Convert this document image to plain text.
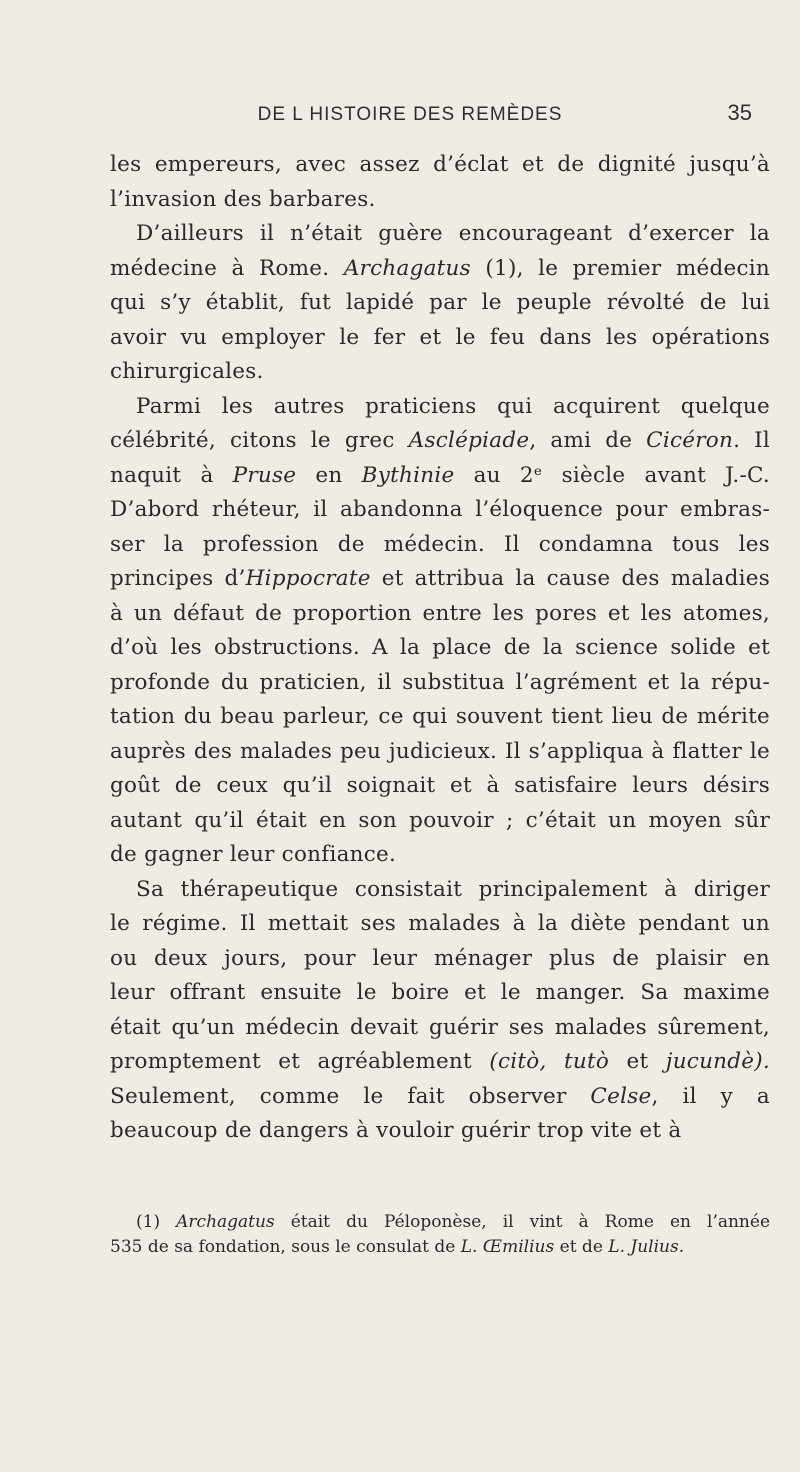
DE L HISTOIRE DES REMÈDES	35
les empereurs, avec assez d’éclat et de dignité jusqu’à
l’invasion des barbares.
D’ailleurs il n’était guère encourageant d’exercer la
médecine à Rome. Archagatus (1), le premier médecin
qui s’y établit, fut lapidé par le peuple révolté de lui
avoir vu employer le fer et le feu dans les opérations
chirurgicales.
Parmi les autres praticiens qui acquirent quelque
célébrité, citons le grec Asclépiade, ami de Cicéron. Il
naquit à Pruse en Bythinie au 2ᵉ siècle avant J.-C.
D’abord rhéteur, il abandonna l’éloquence pour embras-
ser la profession de médecin. Il condamna tous les
principes d’Hippocrate et attribua la cause des maladies
à un défaut de proportion entre les pores et les atomes,
d’où les obstructions. A la place de la science solide et
profonde du praticien, il substitua l’agrément et la répu-
tation du beau parleur, ce qui souvent tient lieu de mérite
auprès des malades peu judicieux. Il s’appliqua à flatter le
goût de ceux qu’il soignait et à satisfaire leurs désirs
autant qu’il était en son pouvoir ; c’était un moyen sûr
de gagner leur confiance.
Sa thérapeutique consistait principalement à diriger
le régime. Il mettait ses malades à la diète pendant un
ou deux jours, pour leur ménager plus de plaisir en
leur offrant ensuite le boire et le manger. Sa maxime
était qu’un médecin devait guérir ses malades sûrement,
promptement et agréablement (citò, tutò et jucundè).
Seulement, comme le fait observer Celse, il y a
beaucoup de dangers à vouloir guérir trop vite et à
(1) Archagatus était du Péloponèse, il vint à Rome en l’année
535 de sa fondation, sous le consulat de L. Œmilius et de L. Julius.
